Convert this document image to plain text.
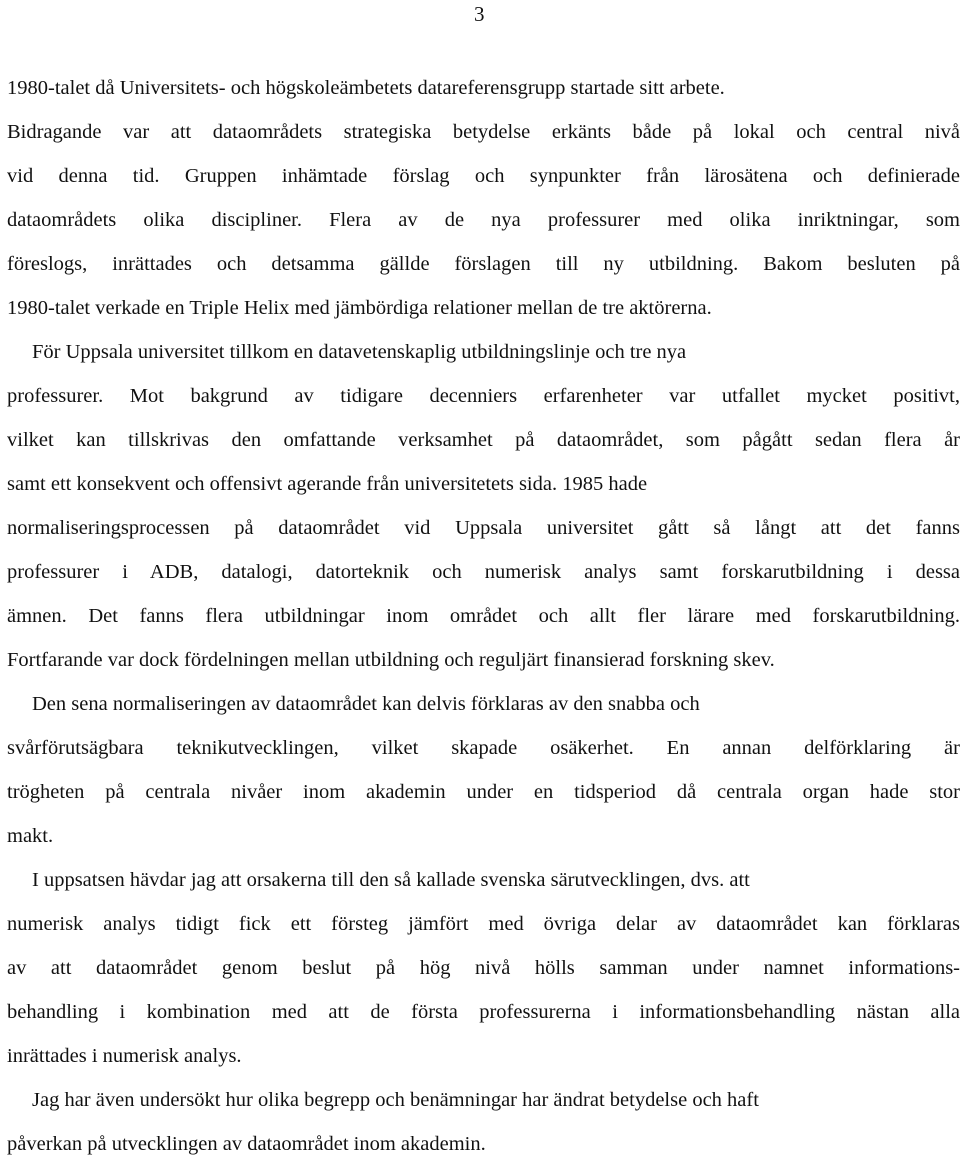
3
1980-talet då Universitets- och högskoleämbetets datareferensgrupp startade sitt arbete.
Bidragande var att dataområdets strategiska betydelse erkänts både på lokal och central nivå
vid denna tid. Gruppen inhämtade förslag och synpunkter från lärosätena och definierade
dataområdets olika discipliner. Flera av de nya professurer med olika inriktningar, som
föreslogs, inrättades och detsamma gällde förslagen till ny utbildning. Bakom besluten på
1980-talet verkade en Triple Helix med jämbördiga relationer mellan de tre aktörerna.
För Uppsala universitet tillkom en datavetenskaplig utbildningslinje och tre nya
professurer. Mot bakgrund av tidigare decenniers erfarenheter var utfallet mycket positivt,
vilket kan tillskrivas den omfattande verksamhet på dataområdet, som pågått sedan flera år
samt ett konsekvent och offensivt agerande från universitetets sida. 1985 hade
normaliseringsprocessen på dataområdet vid Uppsala universitet gått så långt att det fanns
professurer i ADB, datalogi, datorteknik och numerisk analys samt forskarutbildning i dessa
ämnen. Det fanns flera utbildningar inom området och allt fler lärare med forskarutbildning.
Fortfarande var dock fördelningen mellan utbildning och reguljärt finansierad forskning skev.
Den sena normaliseringen av dataområdet kan delvis förklaras av den snabba och
svårförutsägbara teknikutvecklingen, vilket skapade osäkerhet. En annan delförklaring är
trögheten på centrala nivåer inom akademin under en tidsperiod då centrala organ hade stor
makt.
I uppsatsen hävdar jag att orsakerna till den så kallade svenska särutvecklingen, dvs. att
numerisk analys tidigt fick ett försteg jämfört med övriga delar av dataområdet kan förklaras
av att dataområdet genom beslut på hög nivå hölls samman under namnet informations-
behandling i kombination med att de första professurerna i informationsbehandling nästan alla
inrättades i numerisk analys.
Jag har även undersökt hur olika begrepp och benämningar har ändrat betydelse och haft
påverkan på utvecklingen av dataområdet inom akademin.
